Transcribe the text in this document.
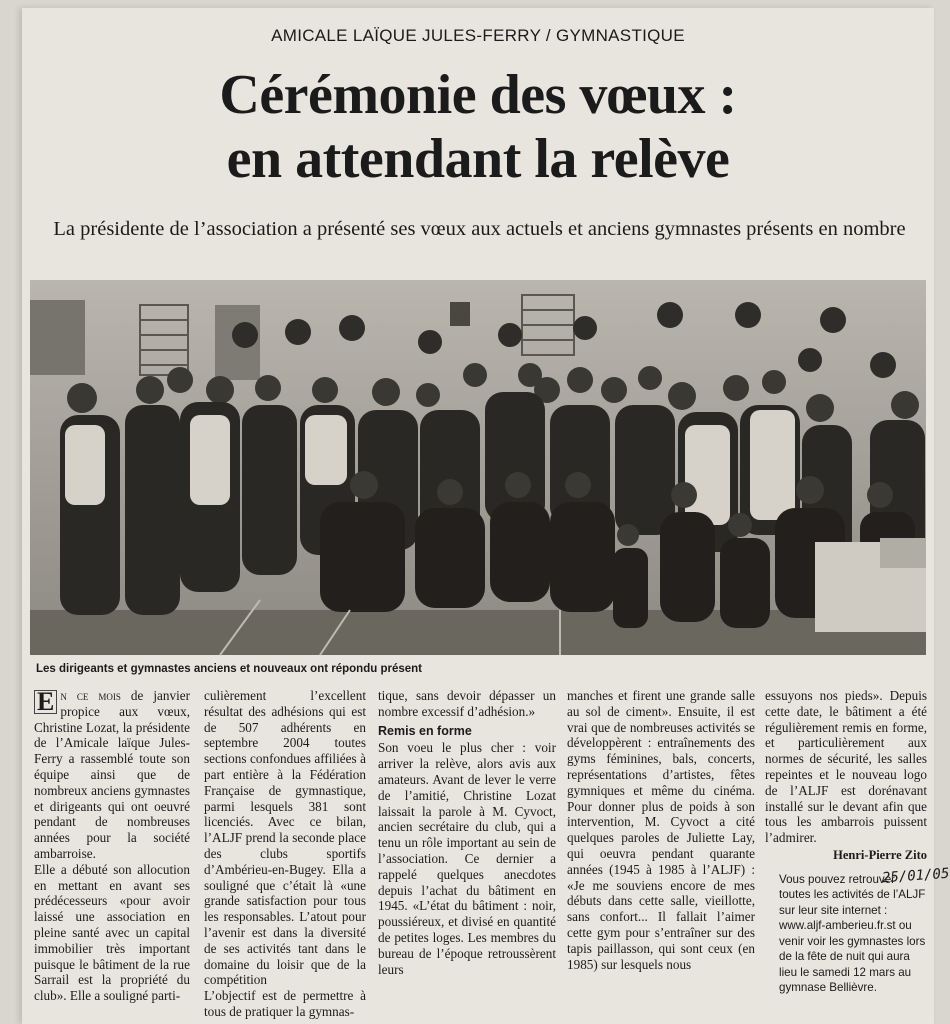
AMICALE LAÏQUE JULES-FERRY / GYMNASTIQUE
Cérémonie des vœux :
en attendant la relève
La présidente de l’association a présenté ses vœux aux actuels et anciens gymnastes présents en nombre
Les dirigeants et gymnastes anciens et nouveaux ont répondu présent

E n ce mois de janvier propice aux vœux, Christine Lozat, la présidente de l’Amicale laïque Jules-Ferry a rassemblé toute son équipe ainsi que de nombreux anciens gymnastes et dirigeants qui ont oeuvré pendant de nombreuses années pour la société ambarroise.

Elle a débuté son allocution en mettant en avant ses prédécesseurs «pour avoir laissé une association en pleine santé avec un capital immobilier très important puisque le bâtiment de la rue Sarrail est la propriété du club». Elle a souligné parti-

culièrement l’excellent résultat des adhésions qui est de 507 adhérents en septembre 2004 toutes sections confondues affiliées à part entière à la Fédération Française de gymnastique, parmi lesquels 381 sont licenciés. Avec ce bilan, l’ALJF prend la seconde place des clubs sportifs d’Ambérieu-en-Bugey. Ella a souligné que c’était là «une grande satisfaction pour tous les responsables. L’atout pour l’avenir est dans la diversité de ses activités tant dans le domaine du loisir que de la compétition

L’objectif est de permettre à tous de pratiquer la gymnas-

tique, sans devoir dépasser un nombre excessif d’adhésion.»

Remis en forme

Son voeu le plus cher : voir arriver la relève, alors avis aux amateurs. Avant de lever le verre de l’amitié, Christine Lozat laissait la parole à M. Cyvoct, ancien secrétaire du club, qui a tenu un rôle important au sein de l’association. Ce dernier a rappelé quelques anecdotes depuis l’achat du bâtiment en 1945. «L’état du bâtiment : noir, poussiéreux, et divisé en quantité de petites loges. Les membres du bureau de l’époque retroussèrent leurs

manches et firent une grande salle au sol de ciment». Ensuite, il est vrai que de nombreuses activités se développèrent : entraînements des gyms féminines, bals, concerts, représentations d’artistes, fêtes gymniques et même du cinéma. Pour donner plus de poids à son intervention, M. Cyvoct a cité quelques paroles de Juliette Lay, qui oeuvra pendant quarante années (1945 à 1985 à l’ALJF) : «Je me souviens encore de mes débuts dans cette salle, vieillotte, sans confort... Il fallait l’aimer cette gym pour s’entraîner sur des tapis paillasson, qui sont ceux (en 1985) sur lesquels nous

essuyons nos pieds». Depuis cette date, le bâtiment a été régulièrement remis en forme, et particulièrement aux normes de sécurité, les salles repeintes et le nouveau logo de l’ALJF est dorénavant installé sur le devant afin que tous les ambarrois puissent l’admirer.

Henri-Pierre Zito
Vous pouvez retrouver toutes les activités de l’ALJF sur leur site internet : www.aljf-amberieu.fr.st ou venir voir les gymnastes lors de la fête de nuit qui aura lieu le samedi 12 mars au gymnase Bellièvre.
25/01/05
